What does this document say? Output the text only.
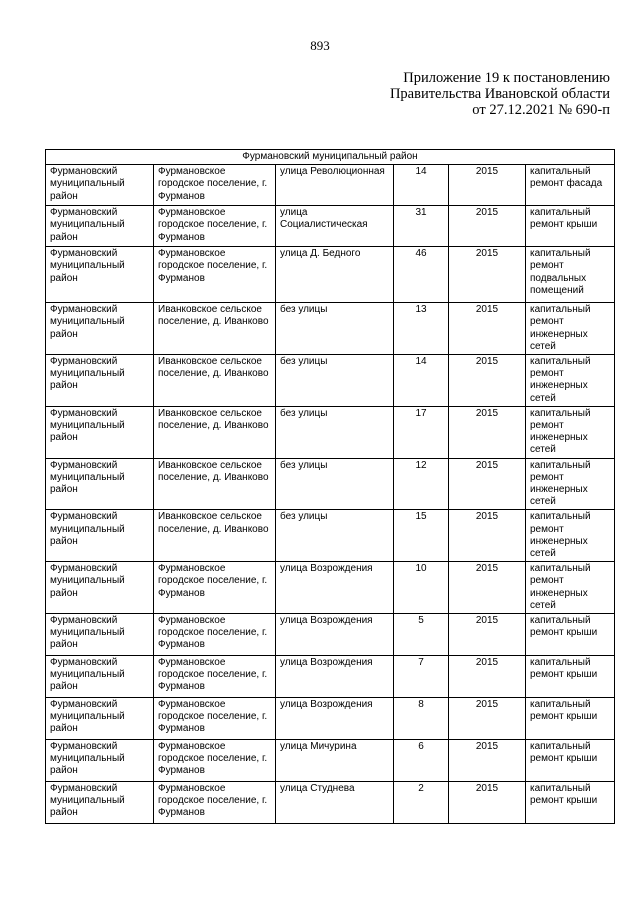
893
Приложение 19 к постановлению
Правительства Ивановской области
от 27.12.2021 № 690-п
Фурмановский муниципальный район					
Фурмановский муниципальный район	Фурмановское городское поселение, г. Фурманов	улица Революционная	14	2015	капитальный ремонт фасада
Фурмановский муниципальный район	Фурмановское городское поселение, г. Фурманов	улица Социалистическая	31	2015	капитальный ремонт крыши
Фурмановский муниципальный район	Фурмановское городское поселение, г. Фурманов	улица Д. Бедного	46	2015	капитальный ремонт подвальных помещений
Фурмановский муниципальный район	Иванковское сельское поселение, д. Иванково	без улицы	13	2015	капитальный ремонт инженерных сетей
Фурмановский муниципальный район	Иванковское сельское поселение, д. Иванково	без улицы	14	2015	капитальный ремонт инженерных сетей
Фурмановский муниципальный район	Иванковское сельское поселение, д. Иванково	без улицы	17	2015	капитальный ремонт инженерных сетей
Фурмановский муниципальный район	Иванковское сельское поселение, д. Иванково	без улицы	12	2015	капитальный ремонт инженерных сетей
Фурмановский муниципальный район	Иванковское сельское поселение, д. Иванково	без улицы	15	2015	капитальный ремонт инженерных сетей
Фурмановский муниципальный район	Фурмановское городское поселение, г. Фурманов	улица Возрождения	10	2015	капитальный ремонт инженерных сетей
Фурмановский муниципальный район	Фурмановское городское поселение, г. Фурманов	улица Возрождения	5	2015	капитальный ремонт крыши
Фурмановский муниципальный район	Фурмановское городское поселение, г. Фурманов	улица Возрождения	7	2015	капитальный ремонт крыши
Фурмановский муниципальный район	Фурмановское городское поселение, г. Фурманов	улица Возрождения	8	2015	капитальный ремонт крыши
Фурмановский муниципальный район	Фурмановское городское поселение, г. Фурманов	улица Мичурина	6	2015	капитальный ремонт крыши
Фурмановский муниципальный район	Фурмановское городское поселение, г. Фурманов	улица Студнева	2	2015	капитальный ремонт крыши
